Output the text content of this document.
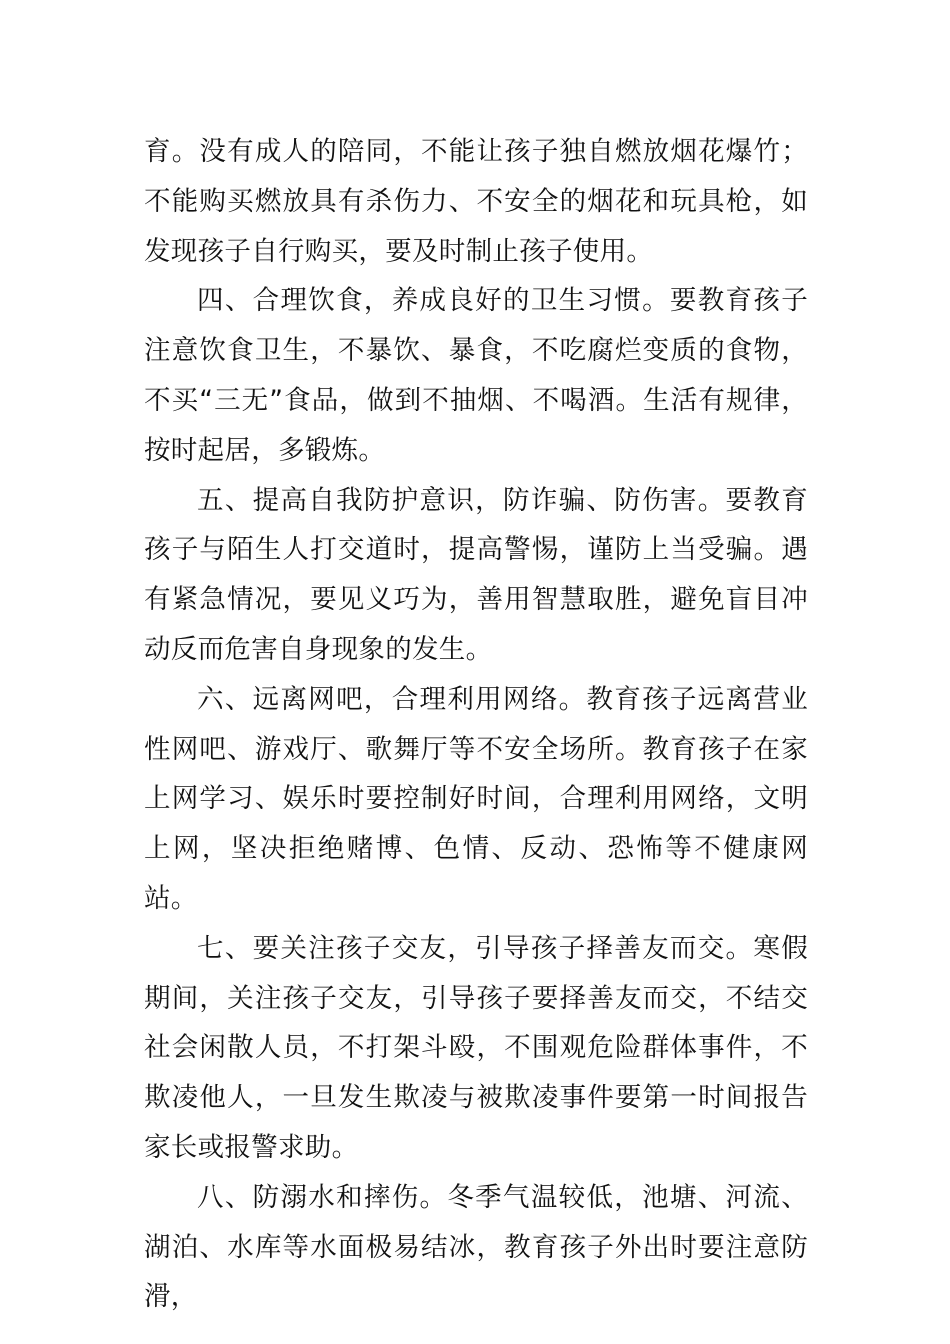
育。没有成人的陪同，不能让孩子独自燃放烟花爆竹；不能购买燃放具有杀伤力、不安全的烟花和玩具枪，如发现孩子自行购买，要及时制止孩子使用。

四、合理饮食，养成良好的卫生习惯。要教育孩子注意饮食卫生，不暴饮、暴食，不吃腐烂变质的食物，不买“三无”食品，做到不抽烟、不喝酒。生活有规律，按时起居，多锻炼。

五、提高自我防护意识，防诈骗、防伤害。要教育孩子与陌生人打交道时，提高警惕，谨防上当受骗。遇有紧急情况，要见义巧为，善用智慧取胜，避免盲目冲动反而危害自身现象的发生。

六、远离网吧，合理利用网络。教育孩子远离营业性网吧、游戏厅、歌舞厅等不安全场所。教育孩子在家上网学习、娱乐时要控制好时间，合理利用网络，文明上网，坚决拒绝赌博、色情、反动、恐怖等不健康网站。

七、要关注孩子交友，引导孩子择善友而交。寒假期间，关注孩子交友，引导孩子要择善友而交，不结交社会闲散人员，不打架斗殴，不围观危险群体事件，不欺凌他人，一旦发生欺凌与被欺凌事件要第一时间报告家长或报警求助。

八、防溺水和摔伤。冬季气温较低，池塘、河流、湖泊、水库等水面极易结冰，教育孩子外出时要注意防滑，
